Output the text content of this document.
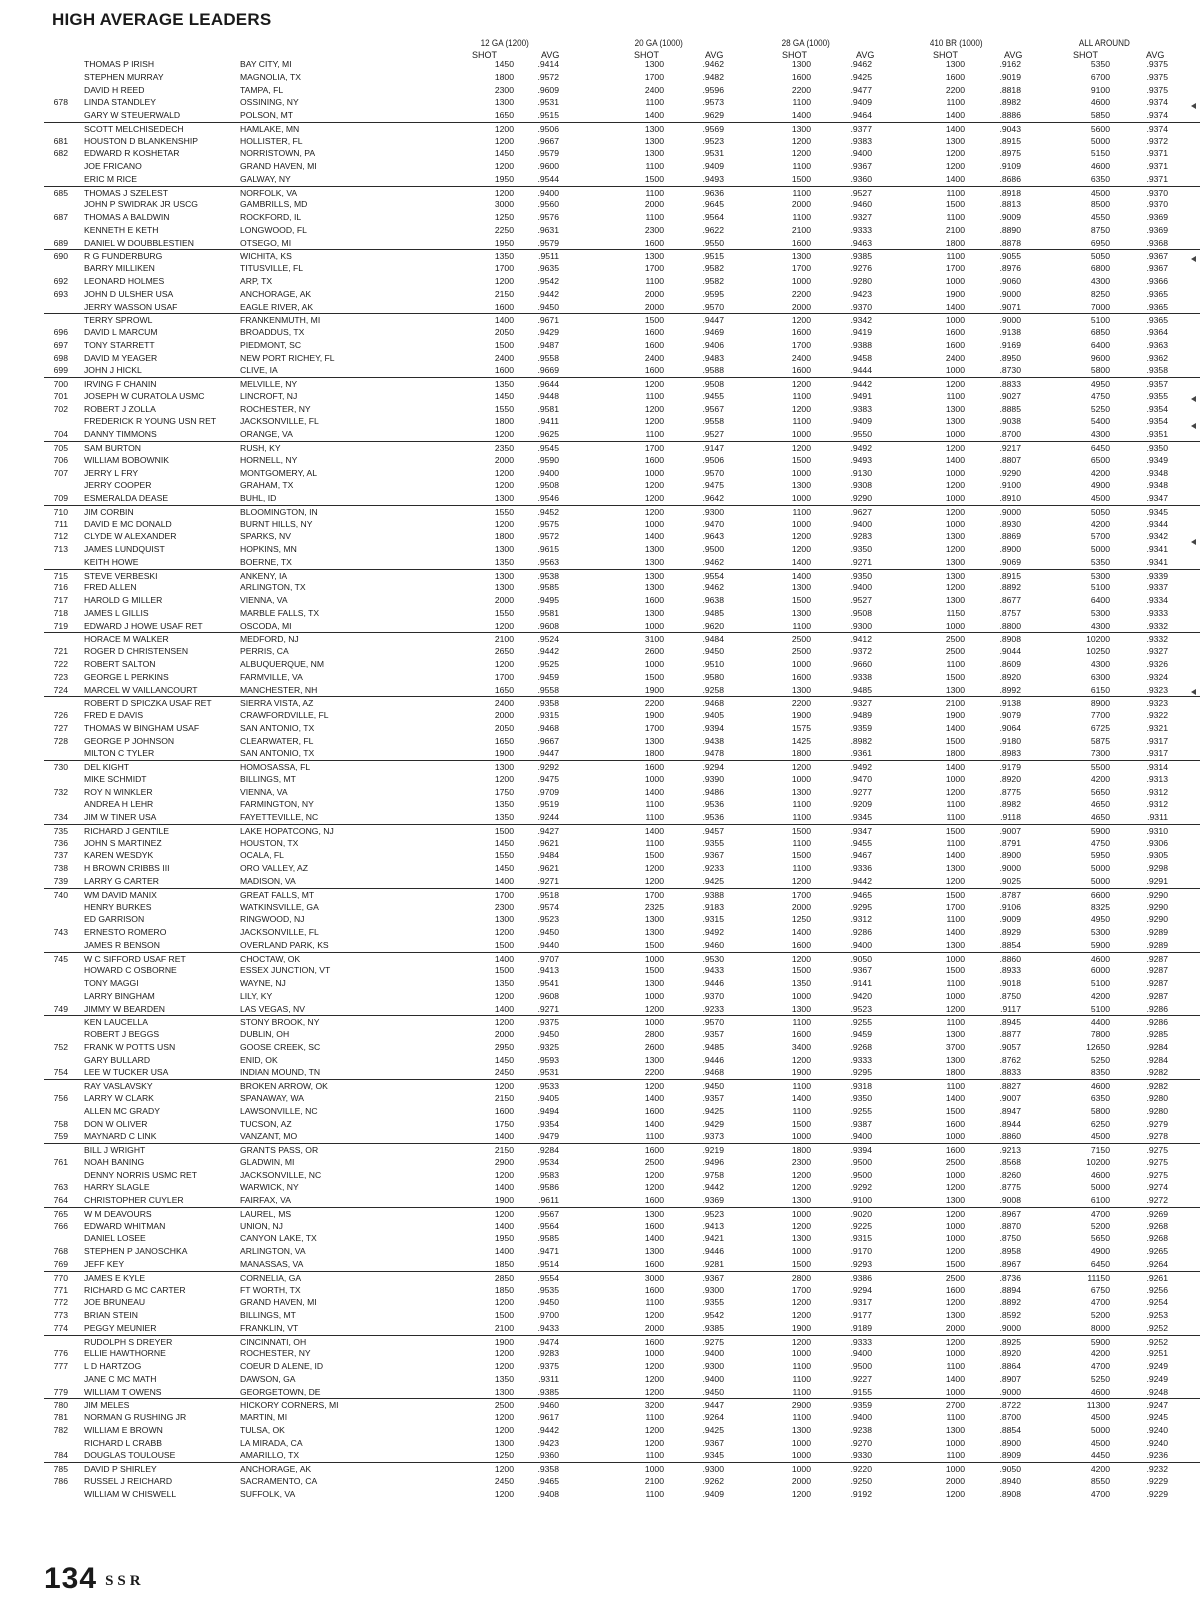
HIGH AVERAGE LEADERS
12 GA (1200)	20 GA (1000)	28 GA (1000)	410 BR (1000)	ALL AROUND
SHOT	AVG	SHOT	AVG	SHOT	AVG	SHOT	AVG	SHOT	AVG
THOMAS P IRISH	BAY CITY, MI	1450	.9414	1300	.9462	1300	.9462	1300	.9162	5350	.9375
STEPHEN MURRAY	MAGNOLIA, TX	1800	.9572	1700	.9482	1600	.9425	1600	.9019	6700	.9375
DAVID H REED	TAMPA, FL	2300	.9609	2400	.9596	2200	.9477	2200	.8818	9100	.9375
678 LINDA STANDLEY	OSSINING, NY	1300	.9531	1100	.9573	1100	.9409	1100	.8982	4600	.9374
GARY W STEUERWALD	POLSON, MT	1650	.9515	1400	.9629	1400	.9464	1400	.8886	5850	.9374
SCOTT MELCHISEDECH	HAMLAKE, MN	1200	.9506	1300	.9569	1300	.9377	1400	.9043	5600	.9374
681 HOUSTON D BLANKENSHIP	HOLLISTER, FL	1200	.9667	1300	.9523	1200	.9383	1300	.8915	5000	.9372
682 EDWARD R KOSHETAR	NORRISTOWN, PA	1450	.9579	1300	.9531	1200	.9400	1200	.8975	5150	.9371
JOE FRICANO	GRAND HAVEN, MI	1200	.9600	1100	.9409	1100	.9367	1200	.9109	4600	.9371
ERIC M RICE	GALWAY, NY	1950	.9544	1500	.9493	1500	.9360	1400	.8686	6350	.9371
685 THOMAS J SZELEST	NORFOLK, VA	1200	.9400	1100	.9636	1100	.9527	1100	.8918	4500	.9370
JOHN P SWIDRAK JR USCG	GAMBRILLS, MD	3000	.9560	2000	.9645	2000	.9460	1500	.8813	8500	.9370
687 THOMAS A BALDWIN	ROCKFORD, IL	1250	.9576	1100	.9564	1100	.9327	1100	.9009	4550	.9369
KENNETH E KETH	LONGWOOD, FL	2250	.9631	2300	.9622	2100	.9333	2100	.8890	8750	.9369
689 DANIEL W DOUBBLESTIEN	OTSEGO, MI	1950	.9579	1600	.9550	1600	.9463	1800	.8878	6950	.9368
690 R G FUNDERBURG	WICHITA, KS	1350	.9511	1300	.9515	1300	.9385	1100	.9055	5050	.9367
BARRY MILLIKEN	TITUSVILLE, FL	1700	.9635	1700	.9582	1700	.9276	1700	.8976	6800	.9367
692 LEONARD HOLMES	ARP, TX	1200	.9542	1100	.9582	1000	.9280	1000	.9060	4300	.9366
693 JOHN D ULSHER USA	ANCHORAGE, AK	2150	.9442	2000	.9595	2200	.9423	1900	.9000	8250	.9365
JERRY WASSON USAF	EAGLE RIVER, AK	1600	.9450	2000	.9570	2000	.9370	1400	.9071	7000	.9365
TERRY SPROWL	FRANKENMUTH, MI	1400	.9671	1500	.9447	1200	.9342	1000	.9000	5100	.9365
696 DAVID L MARCUM	BROADDUS, TX	2050	.9429	1600	.9469	1600	.9419	1600	.9138	6850	.9364
697 TONY STARRETT	PIEDMONT, SC	1500	.9487	1600	.9406	1700	.9388	1600	.9169	6400	.9363
698 DAVID M YEAGER	NEW PORT RICHEY, FL	2400	.9558	2400	.9483	2400	.9458	2400	.8950	9600	.9362
699 JOHN J HICKL	CLIVE, IA	1600	.9669	1600	.9588	1600	.9444	1000	.8730	5800	.9358
700 IRVING F CHANIN	MELVILLE, NY	1350	.9644	1200	.9508	1200	.9442	1200	.8833	4950	.9357
701 JOSEPH W CURATOLA USMC	LINCROFT, NJ	1450	.9448	1100	.9455	1100	.9491	1100	.9027	4750	.9355
702 ROBERT J ZOLLA	ROCHESTER, NY	1550	.9581	1200	.9567	1200	.9383	1300	.8885	5250	.9354
FREDERICK R YOUNG USN RET	JACKSONVILLE, FL	1800	.9411	1200	.9558	1100	.9409	1300	.9038	5400	.9354
704 DANNY TIMMONS	ORANGE, VA	1200	.9625	1100	.9527	1000	.9550	1000	.8700	4300	.9351
705 SAM BURTON	RUSH, KY	2350	.9545	1700	.9147	1200	.9492	1200	.9217	6450	.9350
706 WILLIAM BOBOWNIK	HORNELL, NY	2000	.9590	1600	.9506	1500	.9493	1400	.8807	6500	.9349
707 JERRY L FRY	MONTGOMERY, AL	1200	.9400	1000	.9570	1000	.9130	1000	.9290	4200	.9348
JERRY COOPER	GRAHAM, TX	1200	.9508	1200	.9475	1300	.9308	1200	.9100	4900	.9348
709 ESMERALDA DEASE	BUHL, ID	1300	.9546	1200	.9642	1000	.9290	1000	.8910	4500	.9347
710 JIM CORBIN	BLOOMINGTON, IN	1550	.9452	1200	.9300	1100	.9627	1200	.9000	5050	.9345
711 DAVID E MC DONALD	BURNT HILLS, NY	1200	.9575	1000	.9470	1000	.9400	1000	.8930	4200	.9344
712 CLYDE W ALEXANDER	SPARKS, NV	1800	.9572	1400	.9643	1200	.9283	1300	.8869	5700	.9342
713 JAMES LUNDQUIST	HOPKINS, MN	1300	.9615	1300	.9500	1200	.9350	1200	.8900	5000	.9341
KEITH HOWE	BOERNE, TX	1350	.9563	1300	.9462	1400	.9271	1300	.9069	5350	.9341
715 STEVE VERBESKI	ANKENY, IA	1300	.9538	1300	.9554	1400	.9350	1300	.8915	5300	.9339
716 FRED ALLEN	ARLINGTON, TX	1300	.9585	1300	.9462	1300	.9400	1200	.8892	5100	.9337
717 HAROLD G MILLER	VIENNA, VA	2000	.9495	1600	.9638	1500	.9527	1300	.8677	6400	.9334
718 JAMES L GILLIS	MARBLE FALLS, TX	1550	.9581	1300	.9485	1300	.9508	1150	.8757	5300	.9333
719 EDWARD J HOWE USAF RET	OSCODA, MI	1200	.9608	1000	.9620	1100	.9300	1000	.8800	4300	.9332
HORACE M WALKER	MEDFORD, NJ	2100	.9524	3100	.9484	2500	.9412	2500	.8908	10200	.9332
721 ROGER D CHRISTENSEN	PERRIS, CA	2650	.9442	2600	.9450	2500	.9372	2500	.9044	10250	.9327
722 ROBERT SALTON	ALBUQUERQUE, NM	1200	.9525	1000	.9510	1000	.9660	1100	.8609	4300	.9326
723 GEORGE L PERKINS	FARMVILLE, VA	1700	.9459	1500	.9580	1600	.9338	1500	.8920	6300	.9324
724 MARCEL W VAILLANCOURT	MANCHESTER, NH	1650	.9558	1900	.9258	1300	.9485	1300	.8992	6150	.9323
ROBERT D SPICZKA USAF RET	SIERRA VISTA, AZ	2400	.9358	2200	.9468	2200	.9327	2100	.9138	8900	.9323
726 FRED E DAVIS	CRAWFORDVILLE, FL	2000	.9315	1900	.9405	1900	.9489	1900	.9079	7700	.9322
727 THOMAS W BINGHAM USAF	SAN ANTONIO, TX	2050	.9468	1700	.9394	1575	.9359	1400	.9064	6725	.9321
728 GEORGE P JOHNSON	CLEARWATER, FL	1650	.9667	1300	.9438	1425	.8982	1500	.9180	5875	.9317
MILTON C TYLER	SAN ANTONIO, TX	1900	.9447	1800	.9478	1800	.9361	1800	.8983	7300	.9317
730 DEL KIGHT	HOMOSASSA, FL	1300	.9292	1600	.9294	1200	.9492	1400	.9179	5500	.9314
MIKE SCHMIDT	BILLINGS, MT	1200	.9475	1000	.9390	1000	.9470	1000	.8920	4200	.9313
732 ROY N WINKLER	VIENNA, VA	1750	.9709	1400	.9486	1300	.9277	1200	.8775	5650	.9312
ANDREA H LEHR	FARMINGTON, NY	1350	.9519	1100	.9536	1100	.9209	1100	.8982	4650	.9312
734 JIM W TINER USA	FAYETTEVILLE, NC	1350	.9244	1100	.9536	1100	.9345	1100	.9118	4650	.9311
735 RICHARD J GENTILE	LAKE HOPATCONG, NJ	1500	.9427	1400	.9457	1500	.9347	1500	.9007	5900	.9310
736 JOHN S MARTINEZ	HOUSTON, TX	1450	.9621	1100	.9355	1100	.9455	1100	.8791	4750	.9306
737 KAREN WESDYK	OCALA, FL	1550	.9484	1500	.9367	1500	.9467	1400	.8900	5950	.9305
738 H BROWN CRIBBS III	ORO VALLEY, AZ	1450	.9621	1200	.9233	1100	.9336	1300	.9000	5000	.9298
739 LARRY G CARTER	MADISON, VA	1400	.9271	1200	.9425	1200	.9442	1200	.9025	5000	.9291
740 WM DAVID MANIX	GREAT FALLS, MT	1700	.9518	1700	.9388	1700	.9465	1500	.8787	6600	.9290
HENRY BURKES	WATKINSVILLE, GA	2300	.9574	2325	.9183	2000	.9295	1700	.9106	8325	.9290
ED GARRISON	RINGWOOD, NJ	1300	.9523	1300	.9315	1250	.9312	1100	.9009	4950	.9290
743 ERNESTO ROMERO	JACKSONVILLE, FL	1200	.9450	1300	.9492	1400	.9286	1400	.8929	5300	.9289
JAMES R BENSON	OVERLAND PARK, KS	1500	.9440	1500	.9460	1600	.9400	1300	.8854	5900	.9289
745 W C SIFFORD USAF RET	CHOCTAW, OK	1400	.9707	1000	.9530	1200	.9050	1000	.8860	4600	.9287
HOWARD C OSBORNE	ESSEX JUNCTION, VT	1500	.9413	1500	.9433	1500	.9367	1500	.8933	6000	.9287
TONY MAGGI	WAYNE, NJ	1350	.9541	1300	.9446	1350	.9141	1100	.9018	5100	.9287
LARRY BINGHAM	LILY, KY	1200	.9608	1000	.9370	1000	.9420	1000	.8750	4200	.9287
749 JIMMY W BEARDEN	LAS VEGAS, NV	1400	.9271	1200	.9233	1300	.9523	1200	.9117	5100	.9286
KEN LAUCELLA	STONY BROOK, NY	1200	.9375	1000	.9570	1100	.9255	1100	.8945	4400	.9286
ROBERT J BEGGS	DUBLIN, OH	2000	.9450	2800	.9357	1600	.9459	1300	.8877	7800	.9285
752 FRANK W POTTS USN	GOOSE CREEK, SC	2950	.9325	2600	.9485	3400	.9268	3700	.9057	12650	.9284
GARY BULLARD	ENID, OK	1450	.9593	1300	.9446	1200	.9333	1300	.8762	5250	.9284
754 LEE W TUCKER USA	INDIAN MOUND, TN	2450	.9531	2200	.9468	1900	.9295	1800	.8833	8350	.9282
RAY VASLAVSKY	BROKEN ARROW, OK	1200	.9533	1200	.9450	1100	.9318	1100	.8827	4600	.9282
756 LARRY W CLARK	SPANAWAY, WA	2150	.9405	1400	.9357	1400	.9350	1400	.9007	6350	.9280
ALLEN MC GRADY	LAWSONVILLE, NC	1600	.9494	1600	.9425	1100	.9255	1500	.8947	5800	.9280
758 DON W OLIVER	TUCSON, AZ	1750	.9354	1400	.9429	1500	.9387	1600	.8944	6250	.9279
759 MAYNARD C LINK	VANZANT, MO	1400	.9479	1100	.9373	1000	.9400	1000	.8860	4500	.9278
BILL J WRIGHT	GRANTS PASS, OR	2150	.9284	1600	.9219	1800	.9394	1600	.9213	7150	.9275
761 NOAH BANING	GLADWIN, MI	2900	.9534	2500	.9496	2300	.9500	2500	.8568	10200	.9275
DENNY NORRIS USMC RET	JACKSONVILLE, NC	1200	.9583	1200	.9758	1200	.9500	1000	.8260	4600	.9275
763 HARRY SLAGLE	WARWICK, NY	1400	.9586	1200	.9442	1200	.9292	1200	.8775	5000	.9274
764 CHRISTOPHER CUYLER	FAIRFAX, VA	1900	.9611	1600	.9369	1300	.9100	1300	.9008	6100	.9272
765 W M DEAVOURS	LAUREL, MS	1200	.9567	1300	.9523	1000	.9020	1200	.8967	4700	.9269
766 EDWARD WHITMAN	UNION, NJ	1400	.9564	1600	.9413	1200	.9225	1000	.8870	5200	.9268
DANIEL LOSEE	CANYON LAKE, TX	1950	.9585	1400	.9421	1300	.9315	1000	.8750	5650	.9268
768 STEPHEN P JANOSCHKA	ARLINGTON, VA	1400	.9471	1300	.9446	1000	.9170	1200	.8958	4900	.9265
769 JEFF KEY	MANASSAS, VA	1850	.9514	1600	.9281	1500	.9293	1500	.8967	6450	.9264
770 JAMES E KYLE	CORNELIA, GA	2850	.9554	3000	.9367	2800	.9386	2500	.8736	11150	.9261
771 RICHARD G MC CARTER	FT WORTH, TX	1850	.9535	1600	.9300	1700	.9294	1600	.8894	6750	.9256
772 JOE BRUNEAU	GRAND HAVEN, MI	1200	.9450	1100	.9355	1200	.9317	1200	.8892	4700	.9254
773 BRIAN STEIN	BILLINGS, MT	1500	.9700	1200	.9542	1200	.9177	1300	.8592	5200	.9253
774 PEGGY MEUNIER	FRANKLIN, VT	2100	.9433	2000	.9385	1900	.9189	2000	.9000	8000	.9252
RUDOLPH S DREYER	CINCINNATI, OH	1900	.9474	1600	.9275	1200	.9333	1200	.8925	5900	.9252
776 ELLIE HAWTHORNE	ROCHESTER, NY	1200	.9283	1000	.9400	1000	.9400	1000	.8920	4200	.9251
777 L D HARTZOG	COEUR D ALENE, ID	1200	.9375	1200	.9300	1100	.9500	1100	.8864	4700	.9249
JANE C MC MATH	DAWSON, GA	1350	.9311	1200	.9400	1100	.9227	1400	.8907	5250	.9249
779 WILLIAM T OWENS	GEORGETOWN, DE	1300	.9385	1200	.9450	1100	.9155	1000	.9000	4600	.9248
780 JIM MELES	HICKORY CORNERS, MI	2500	.9460	3200	.9447	2900	.9359	2700	.8722	11300	.9247
781 NORMAN G RUSHING JR	MARTIN, MI	1200	.9617	1100	.9264	1100	.9400	1100	.8700	4500	.9245
782 WILLIAM E BROWN	TULSA, OK	1200	.9442	1200	.9425	1300	.9238	1300	.8854	5000	.9240
RICHARD L CRABB	LA MIRADA, CA	1300	.9423	1200	.9367	1000	.9270	1000	.8900	4500	.9240
784 DOUGLAS TOULOUSE	AMARILLO, TX	1250	.9360	1100	.9345	1000	.9330	1100	.8909	4450	.9236
785 DAVID P SHIRLEY	ANCHORAGE, AK	1200	.9358	1000	.9300	1000	.9220	1000	.9050	4200	.9232
786 RUSSEL J REICHARD	SACRAMENTO, CA	2450	.9465	2100	.9262	2000	.9250	2000	.8940	8550	.9229
WILLIAM W CHISWELL	SUFFOLK, VA	1200	.9408	1100	.9409	1200	.9192	1200	.8908	4700	.9229
134 SSR
